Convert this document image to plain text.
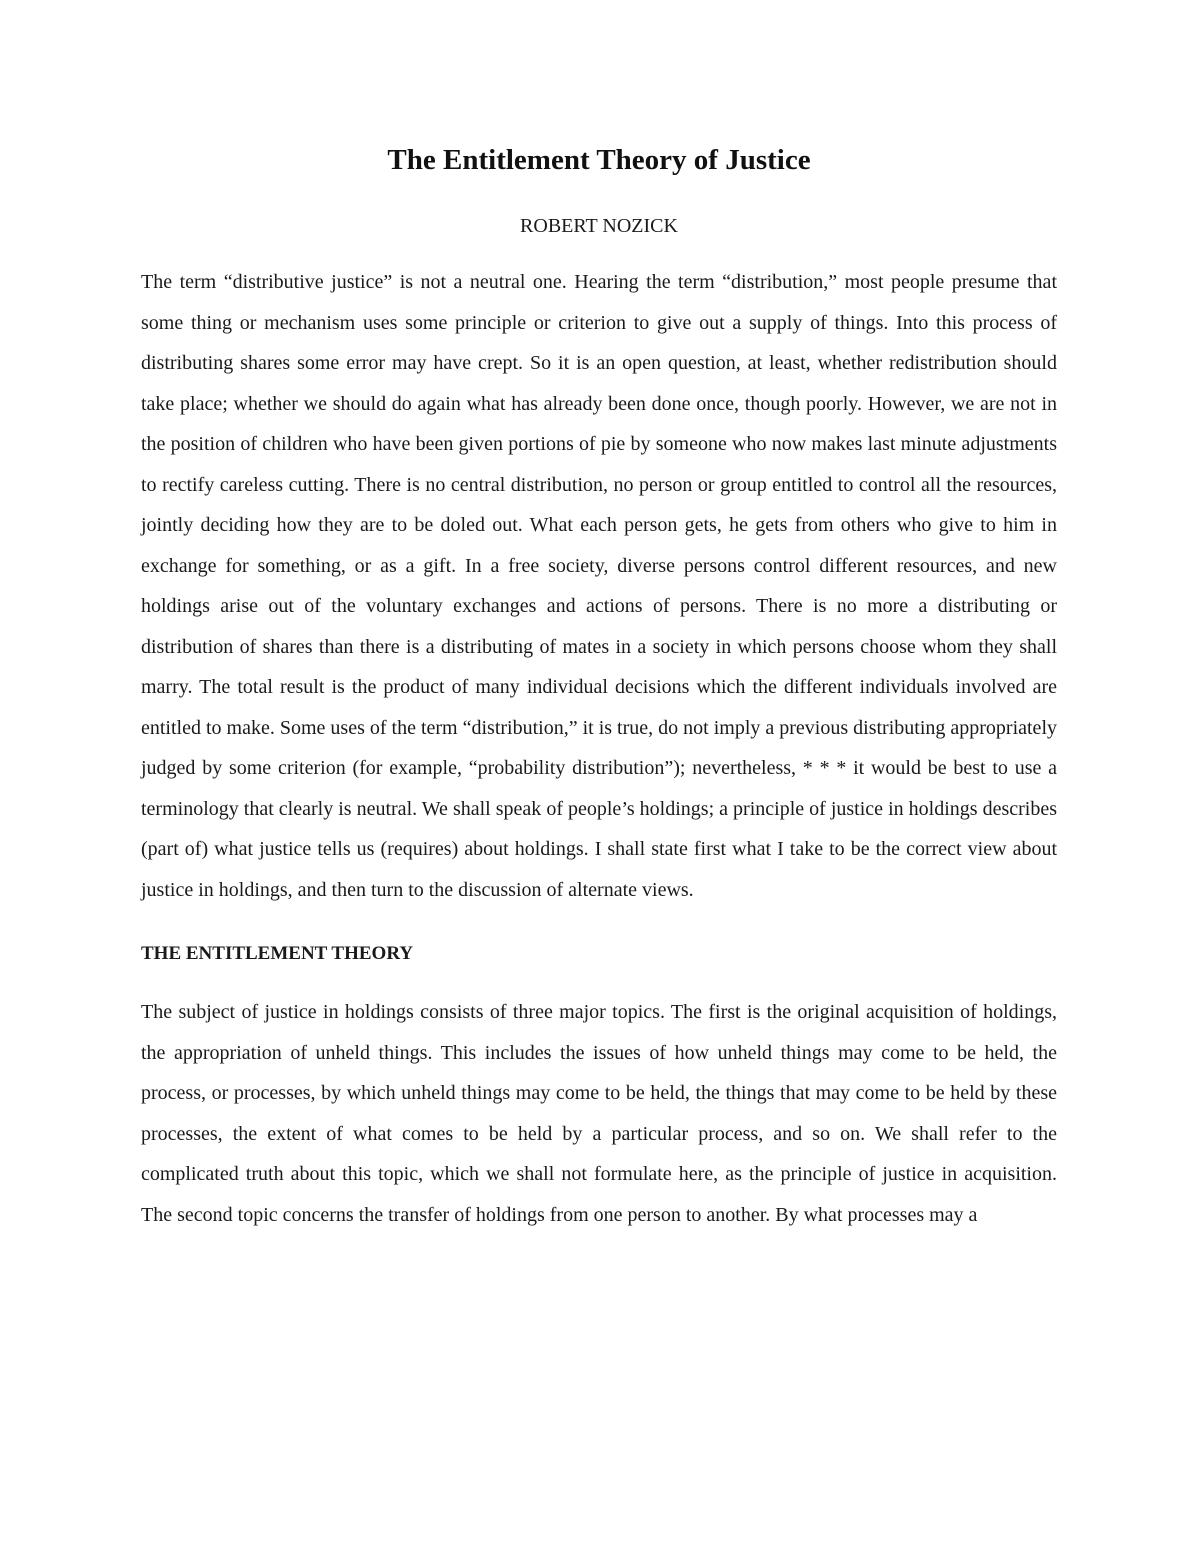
The Entitlement Theory of Justice
ROBERT NOZICK

The term “distributive justice” is not a neutral one. Hearing the term “distribution,” most people presume that some thing or mechanism uses some principle or criterion to give out a supply of things. Into this process of distributing shares some error may have crept. So it is an open question, at least, whether redistribution should take place; whether we should do again what has already been done once, though poorly. However, we are not in the position of children who have been given portions of pie by someone who now makes last minute adjustments to rectify careless cutting. There is no central distribution, no person or group entitled to control all the resources, jointly deciding how they are to be doled out. What each person gets, he gets from others who give to him in exchange for something, or as a gift. In a free society, diverse persons control different resources, and new holdings arise out of the voluntary exchanges and actions of persons. There is no more a distributing or distribution of shares than there is a distributing of mates in a society in which persons choose whom they shall marry. The total result is the product of many individual decisions which the different individuals involved are entitled to make. Some uses of the term “distribution,” it is true, do not imply a previous distributing appropriately judged by some criterion (for example, “probability distribution”); nevertheless, * * * it would be best to use a terminology that clearly is neutral. We shall speak of people’s holdings; a principle of justice in holdings describes (part of) what justice tells us (requires) about holdings. I shall state first what I take to be the correct view about justice in holdings, and then turn to the discussion of alternate views.

THE ENTITLEMENT THEORY

The subject of justice in holdings consists of three major topics. The first is the original acquisition of holdings, the appropriation of unheld things. This includes the issues of how unheld things may come to be held, the process, or processes, by which unheld things may come to be held, the things that may come to be held by these processes, the extent of what comes to be held by a particular process, and so on. We shall refer to the complicated truth about this topic, which we shall not formulate here, as the principle of justice in acquisition. The second topic concerns the transfer of holdings from one person to another. By what processes may a
